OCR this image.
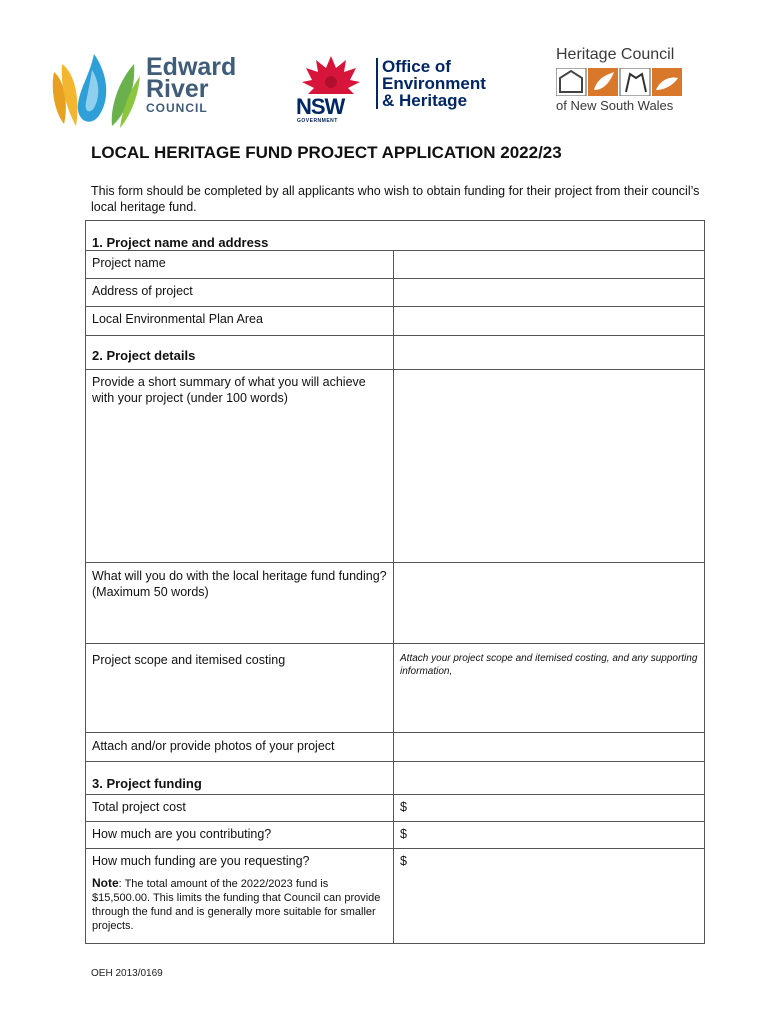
Edward
River
COUNCIL	NSW
GOVERNMENT
Office of
Environment
& Heritage
Heritage Council
of New South Wales
LOCAL HERITAGE FUND PROJECT APPLICATION 2022/23

This form should be completed by all applicants who wish to obtain funding for their project from their council’s local heritage fund.

1. Project name and address	
Project name	
Address of project	
Local Environmental Plan Area	
2. Project details	
Provide a short summary of what you will achieve with your project (under 100 words)	
What will you do with the local heritage fund funding? (Maximum 50 words)	
Project scope and itemised costing	Attach your project scope and itemised costing, and any supporting information,
Attach and/or provide photos of your project	
3. Project funding	
Total project cost	$
How much are you contributing?	$

How much funding are you requesting?
Note: The total amount of the 2022/2023 fund is $15,500.00. This limits the funding that Council can provide through the fund and is generally more suitable for smaller projects.	$
OEH 2013/0169
